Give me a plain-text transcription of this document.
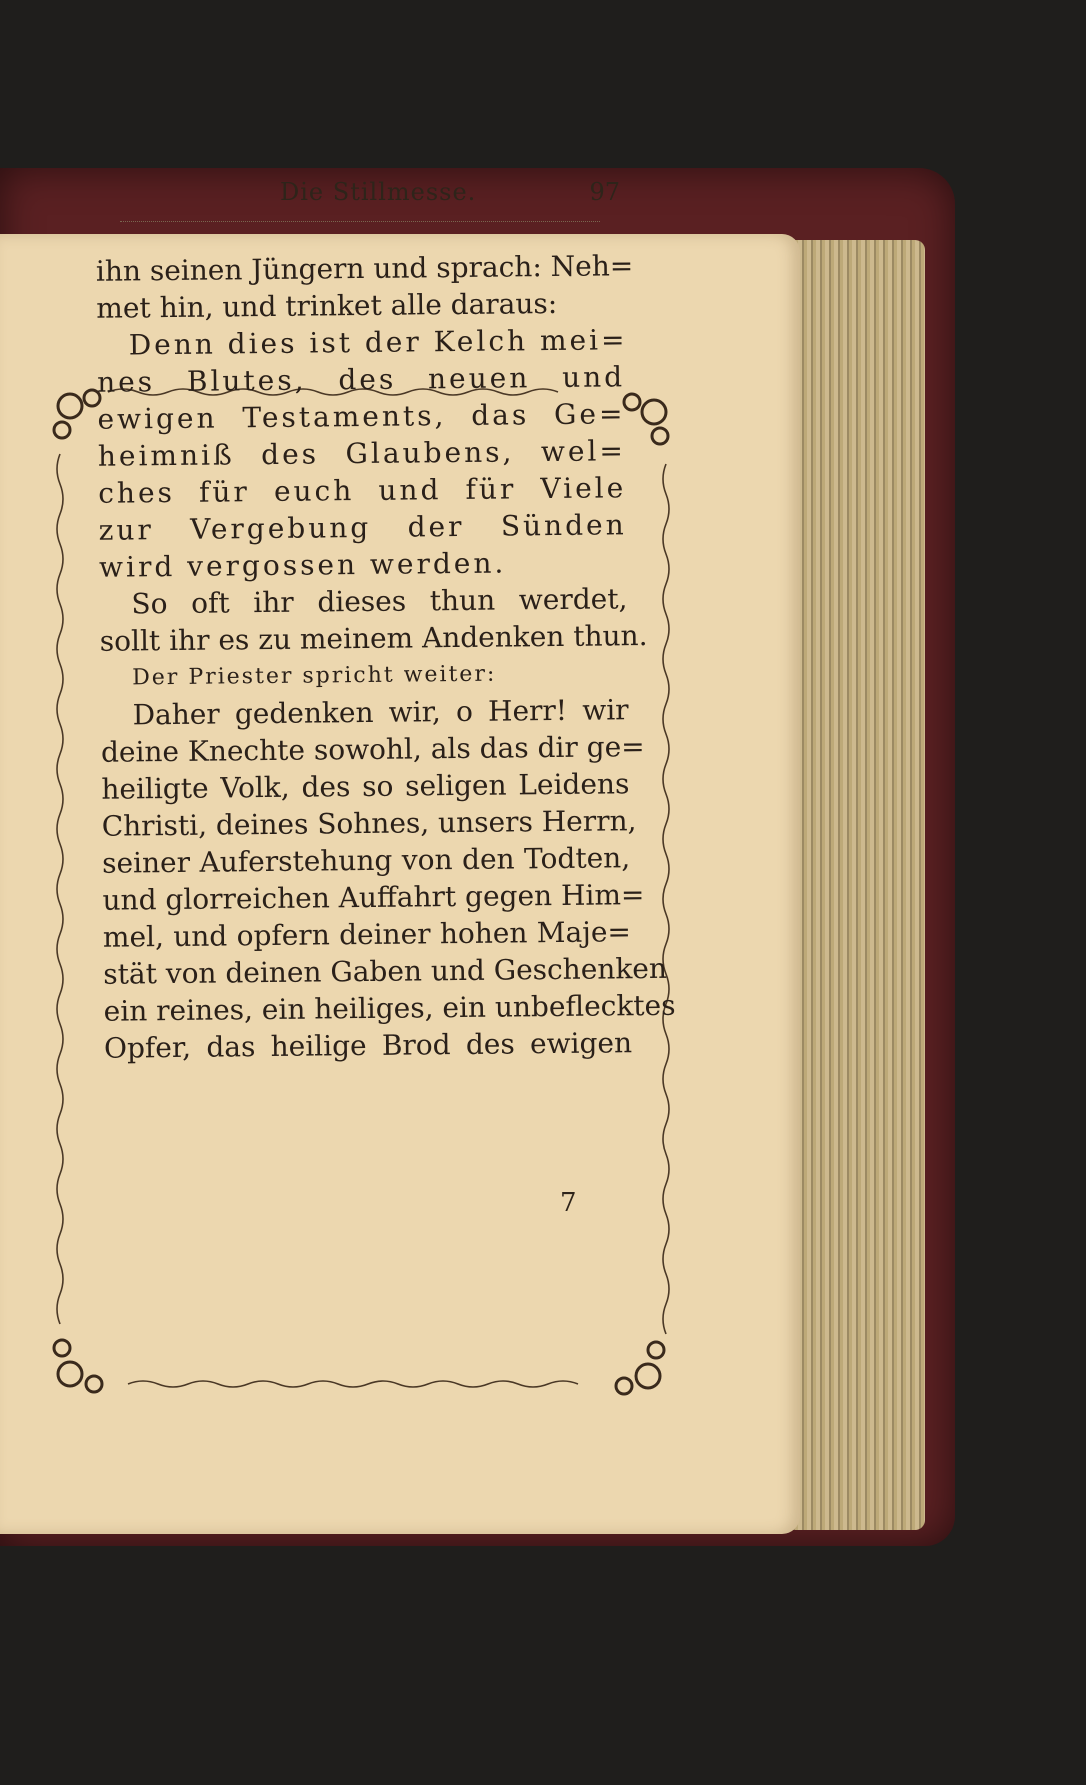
Die Stillmesse.	97
ihn seinen Jüngern und sprach: Neh=
met hin, und trinket alle daraus:
Denn dies ist der Kelch mei=
nes Blutes, des neuen und
ewigen Testaments, das Ge=
heimniß des Glaubens, wel=
ches für euch und für Viele
zur Vergebung der Sünden
wird vergossen werden.
So oft ihr dieses thun werdet,
sollt ihr es zu meinem Andenken thun.
Der Priester spricht weiter:
Daher gedenken wir, o Herr! wir
deine Knechte sowohl, als das dir ge=
heiligte Volk, des so seligen Leidens
Christi, deines Sohnes, unsers Herrn,
seiner Auferstehung von den Todten,
und glorreichen Auffahrt gegen Him=
mel, und opfern deiner hohen Maje=
stät von deinen Gaben und Geschenken
ein reines, ein heiliges, ein unbeflecktes
Opfer, das heilige Brod des ewigen
7
